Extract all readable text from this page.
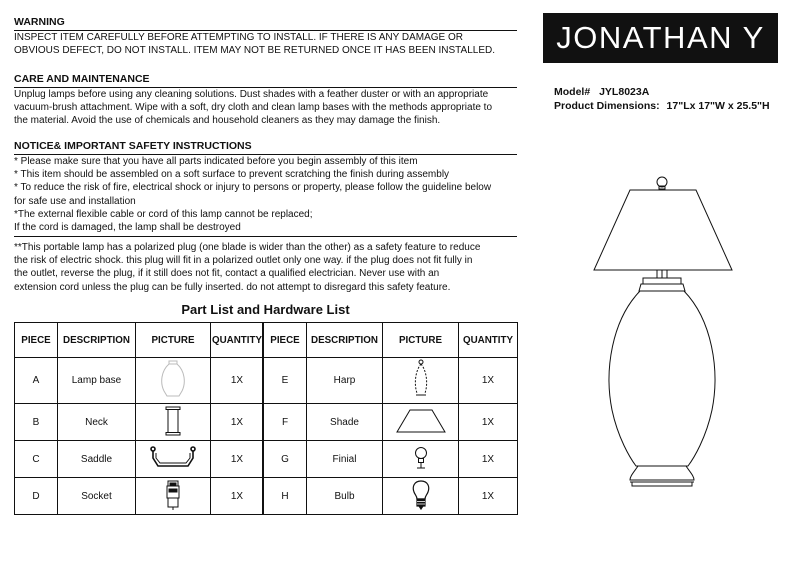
WARNING
INSPECT ITEM CAREFULLY BEFORE ATTEMPTING TO INSTALL. IF THERE IS ANY DAMAGE OR
OBVIOUS DEFECT, DO NOT INSTALL. ITEM MAY NOT BE RETURNED ONCE IT HAS BEEN INSTALLED.
CARE AND MAINTENANCE
Unplug lamps before using any cleaning solutions. Dust shades with a feather duster or with an appropriate
vacuum-brush attachment. Wipe with a soft, dry cloth and clean lamp bases with the methods appropriate to
the material. Avoid the use of chemicals and household cleaners as they may damage the finish.
NOTICE& IMPORTANT SAFETY INSTRUCTIONS
* Please make sure that you have all parts indicated before you begin assembly of this item
* This item should be assembled on a soft surface to prevent scratching the finish during assembly
* To reduce the risk of fire, electrical shock or injury to persons or property, please follow the guideline below
for safe use and installation
*The external flexible cable or cord of this lamp cannot be replaced;
If the cord is damaged, the lamp shall be destroyed
**This portable lamp has a polarized plug (one blade is wider than the other) as a safety feature to reduce
the risk of electric shock. this plug will fit in a polarized outlet only one way. if the plug does not fit fully in
the outlet, reverse the plug, if it still does not fit, contact a qualified electrician. Never use with an
extension cord unless the plug can be fully inserted. do not attempt to disregard this safety feature.
JONATHAN Y
Model# JYL8023A
Product Dimensions: 17"Lx 17"W x 25.5"H
Part List and Hardware List
PIECE	DESCRIPTION	PICTURE	QUANTITY	PIECE	DESCRIPTION	PICTURE	QUANTITY
A	Lamp base		1X	E	Harp		1X
B	Neck		1X	F	Shade		1X
C	Saddle		1X	G	Finial		1X
D	Socket		1X	H	Bulb		1X
